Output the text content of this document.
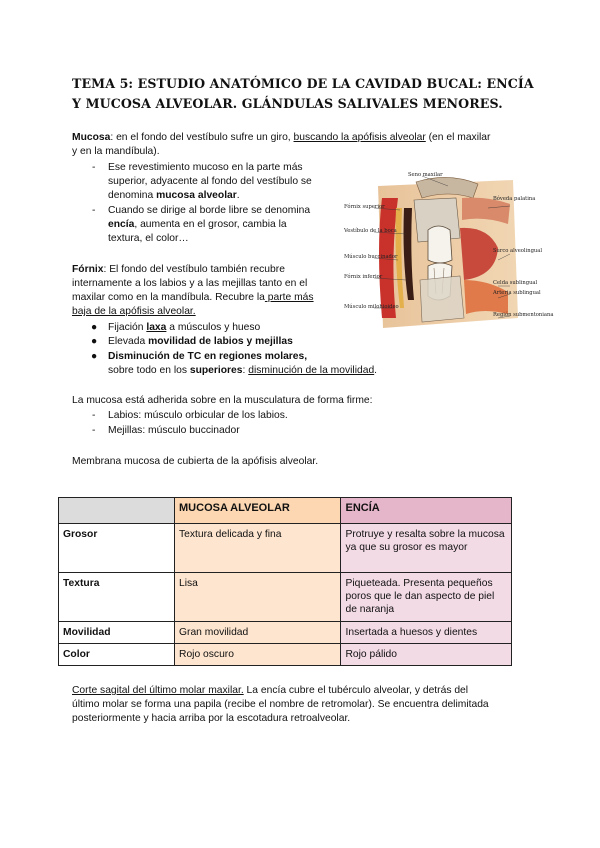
TEMA 5: ESTUDIO ANATÓMICO DE LA CAVIDAD BUCAL: ENCÍA
Y MUCOSA ALVEOLAR. GLÁNDULAS SALIVALES MENORES.
Mucosa: en el fondo del vestíbulo sufre un giro, buscando la apófisis alveolar (en el maxilar
y en la mandíbula).
- Ese revestimiento mucoso en la parte más
superior, adyacente al fondo del vestíbulo se
denomina mucosa alveolar.
- Cuando se dirige al borde libre se denomina
encía, aumenta en el grosor, cambia la
textura, el color…
Fórnix: El fondo del vestíbulo también recubre
internamente a los labios y a las mejillas tanto en el
maxilar como en la mandíbula. Recubre la parte más
baja de la apófisis alveolar.
● Fijación laxa a músculos y hueso
● Elevada movilidad de labios y mejillas
● Disminución de TC en regiones molares,
sobre todo en los superiores: disminución de la movilidad.
La mucosa está adherida sobre en la musculatura de forma firme:
- Labios: músculo orbicular de los labios.
- Mejillas: músculo buccinador
Membrana mucosa de cubierta de la apófisis alveolar.
Seno maxilar
Fórnix superior
Vestíbulo de la boca
Músculo buccinador
Fórnix inferior
Músculo milohioideo
Bóveda palatina
Surco alveolingual
Celda sublingual
Arteria sublingual
Región submentoniana
	MUCOSA ALVEOLAR	ENCÍA
Grosor	Textura delicada y fina	Protruye y resalta sobre la mucosa ya que su grosor es mayor
Textura	Lisa	Piqueteada. Presenta pequeños poros que le dan aspecto de piel de naranja
Movilidad	Gran movilidad	Insertada a huesos y dientes
Color	Rojo oscuro	Rojo pálido
Corte sagital del último molar maxilar. La encía cubre el tubérculo alveolar, y detrás del
último molar se forma una papila (recibe el nombre de retromolar). Se encuentra delimitada
posteriormente y hacia arriba por la escotadura retroalveolar.
